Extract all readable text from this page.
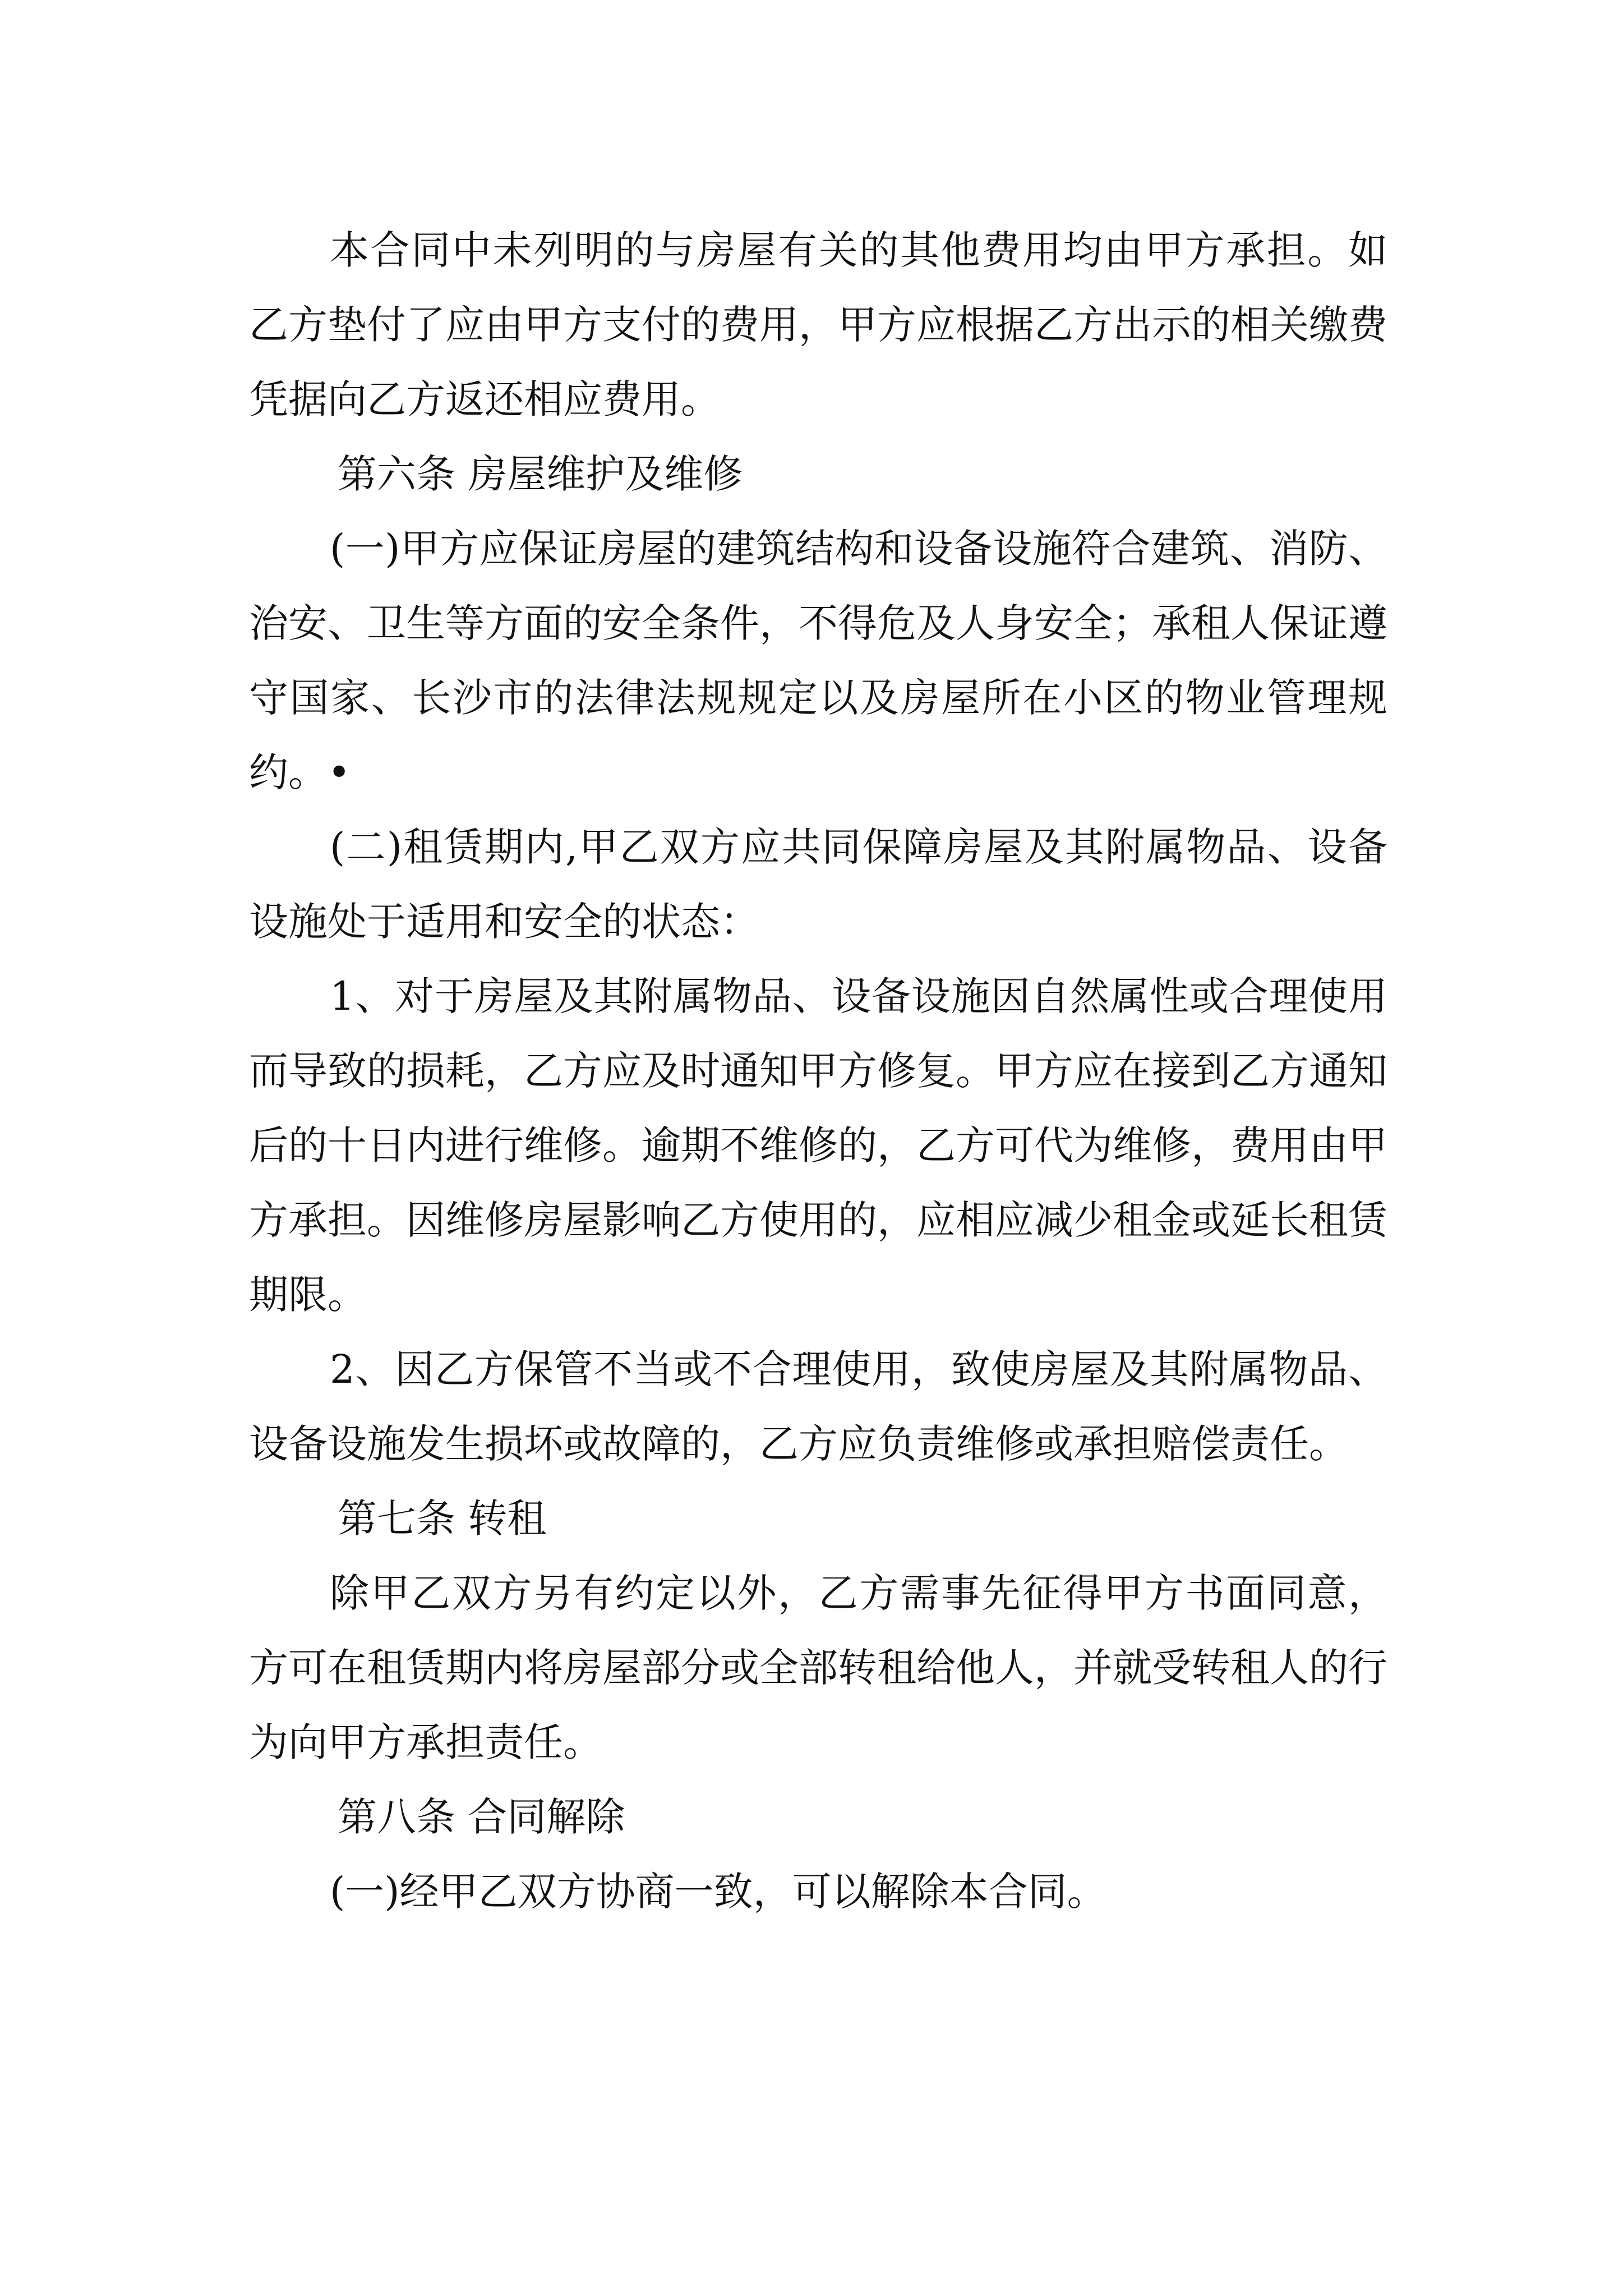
本合同中未列明的与房屋有关的其他费用均由甲方承担。如乙方垫付了应由甲方支付的费用，甲方应根据乙方出示的相关缴费凭据向乙方返还相应费用。

第六条 房屋维护及维修

(一)甲方应保证房屋的建筑结构和设备设施符合建筑、消防、治安、卫生等方面的安全条件，不得危及人身安全；承租人保证遵守国家、长沙市的法律法规规定以及房屋所在小区的物业管理规约。•

(二)租赁期内,甲乙双方应共同保障房屋及其附属物品、设备设施处于适用和安全的状态：

1、对于房屋及其附属物品、设备设施因自然属性或合理使用而导致的损耗，乙方应及时通知甲方修复。甲方应在接到乙方通知后的十日内进行维修。逾期不维修的，乙方可代为维修，费用由甲方承担。因维修房屋影响乙方使用的，应相应减少租金或延长租赁期限。

2、因乙方保管不当或不合理使用，致使房屋及其附属物品、设备设施发生损坏或故障的，乙方应负责维修或承担赔偿责任。

第七条 转租

除甲乙双方另有约定以外，乙方需事先征得甲方书面同意，方可在租赁期内将房屋部分或全部转租给他人，并就受转租人的行为向甲方承担责任。

第八条 合同解除

(一)经甲乙双方协商一致，可以解除本合同。
